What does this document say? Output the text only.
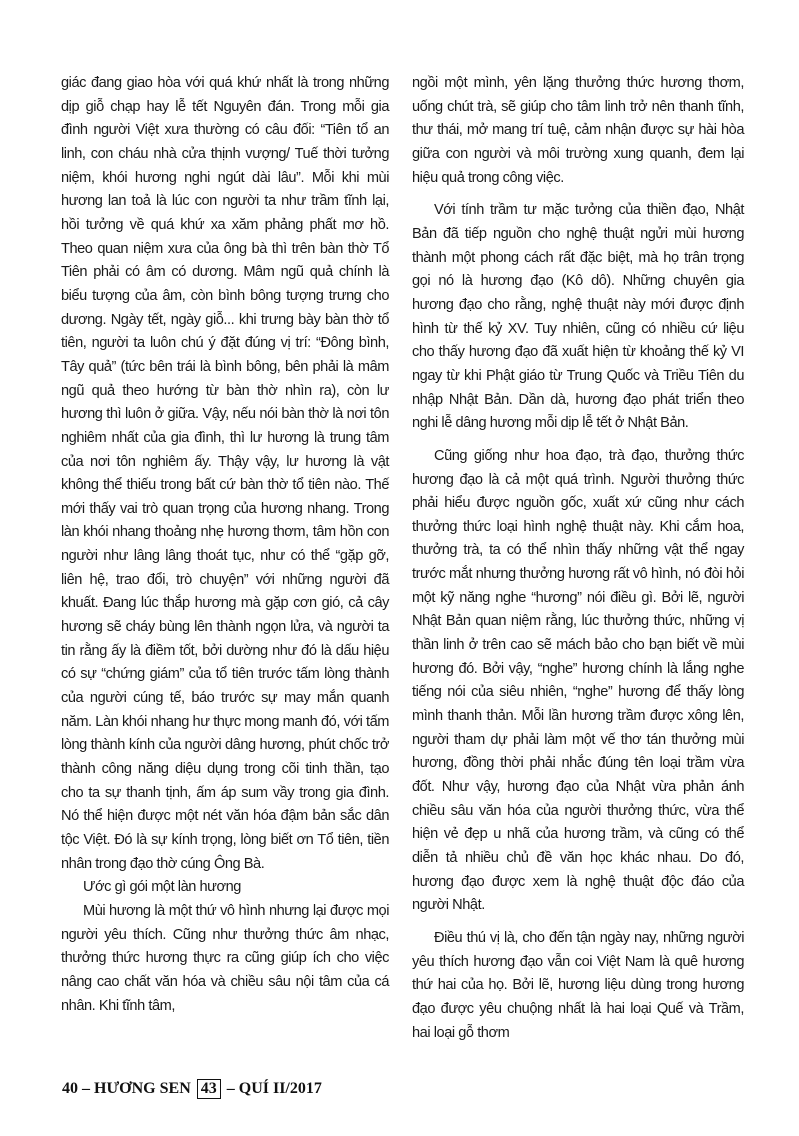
giác đang giao hòa với quá khứ nhất là trong những dịp giỗ chạp hay lễ tết Nguyên đán. Trong mỗi gia đình người Việt xưa thường có câu đối: “Tiên tổ an linh, con cháu nhà cửa thịnh vượng/ Tuế thời tưởng niệm, khói hương nghi ngút dài lâu”. Mỗi khi mùi hương lan toả là lúc con người ta như trầm tĩnh lại, hồi tưởng về quá khứ xa xăm phảng phất mơ hồ. Theo quan niệm xưa của ông bà thì trên bàn thờ Tổ Tiên phải có âm có dương. Mâm ngũ quả chính là biểu tượng của âm, còn bình bông tượng trưng cho dương. Ngày tết, ngày giỗ... khi trưng bày bàn thờ tổ tiên, người ta luôn chú ý đặt đúng vị trí: “Đông bình, Tây quả” (tức bên trái là bình bông, bên phải là mâm ngũ quả theo hướng từ bàn thờ nhìn ra), còn lư hương thì luôn ở giữa. Vậy, nếu nói bàn thờ là nơi tôn nghiêm nhất của gia đình, thì lư hương là trung tâm của nơi tôn nghiêm ấy. Thậy vậy, lư hương là vật không thể thiếu trong bất cứ bàn thờ tổ tiên nào. Thế mới thấy vai trò quan trọng của hương nhang. Trong làn khói nhang thoảng nhẹ hương thơm, tâm hồn con người như lâng lâng thoát tục, như có thể “gặp gỡ, liên hệ, trao đổi, trò chuyện” với những người đã khuất. Đang lúc thắp hương mà gặp cơn gió, cả cây hương sẽ cháy bùng lên thành ngọn lửa, và người ta tin rằng ấy là điềm tốt, bởi dường như đó là dấu hiệu có sự “chứng giám” của tổ tiên trước tấm lòng thành của người cúng tế, báo trước sự may mắn quanh năm. Làn khói nhang hư thực mong manh đó, với tấm lòng thành kính của người dâng hương, phút chốc trở thành công năng diệu dụng trong cõi tinh thần, tạo cho ta sự thanh tịnh, ấm áp sum vầy trong gia đình. Nó thể hiện được một nét văn hóa đậm bản sắc dân tộc Việt. Đó là sự kính trọng, lòng biết ơn Tổ tiên, tiền nhân trong đạo thờ cúng Ông Bà.

Ước gì gói một làn hương

Mùi hương là một thứ vô hình nhưng lại được mọi người yêu thích. Cũng như thưởng thức âm nhạc, thưởng thức hương thực ra cũng giúp ích cho việc nâng cao chất văn hóa và chiều sâu nội tâm của cá nhân. Khi tĩnh tâm,

ngồi một mình, yên lặng thưởng thức hương thơm, uống chút trà, sẽ giúp cho tâm linh trở nên thanh tĩnh, thư thái, mở mang trí tuệ, cảm nhận được sự hài hòa giữa con người và môi trường xung quanh, đem lại hiệu quả trong công việc.

Với tính trầm tư mặc tưởng của thiền đạo, Nhật Bản đã tiếp nguồn cho nghệ thuật ngửi mùi hương thành một phong cách rất đặc biệt, mà họ trân trọng gọi nó là hương đạo (Kô dô). Những chuyên gia hương đạo cho rằng, nghệ thuật này mới được định hình từ thế kỷ XV. Tuy nhiên, cũng có nhiều cứ liệu cho thấy hương đạo đã xuất hiện từ khoảng thế kỷ VI ngay từ khi Phật giáo từ Trung Quốc và Triều Tiên du nhập Nhật Bản. Dần dà, hương đạo phát triển theo nghi lễ dâng hương mỗi dịp lễ tết ở Nhật Bản.

Cũng giống như hoa đạo, trà đạo, thưởng thức hương đạo là cả một quá trình. Người thưởng thức phải hiểu được nguồn gốc, xuất xứ cũng như cách thưởng thức loại hình nghệ thuật này. Khi cắm hoa, thưởng trà, ta có thể nhìn thấy những vật thể ngay trước mắt nhưng thưởng hương rất vô hình, nó đòi hỏi một kỹ năng nghe “hương” nói điều gì. Bởi lẽ, người Nhật Bản quan niệm rằng, lúc thưởng thức, những vị thần linh ở trên cao sẽ mách bảo cho bạn biết về mùi hương đó. Bởi vậy, “nghe” hương chính là lắng nghe tiếng nói của siêu nhiên, “nghe” hương để thấy lòng mình thanh thản. Mỗi lần hương trầm được xông lên, người tham dự phải làm một vế thơ tán thưởng mùi hương, đồng thời phải nhắc đúng tên loại trầm vừa đốt. Như vậy, hương đạo của Nhật vừa phản ánh chiều sâu văn hóa của người thưởng thức, vừa thể hiện vẻ đẹp u nhã của hương trầm, và cũng có thể diễn tả nhiều chủ đề văn học khác nhau. Do đó, hương đạo được xem là nghệ thuật độc đáo của người Nhật.

Điều thú vị là, cho đến tận ngày nay, những người yêu thích hương đạo vẫn coi Việt Nam là quê hương thứ hai của họ. Bởi lẽ, hương liệu dùng trong hương đạo được yêu chuộng nhất là hai loại Quế và Trầm, hai loại gỗ thơm

40 – HƯƠNG SEN 43 – QUÍ II/2017
